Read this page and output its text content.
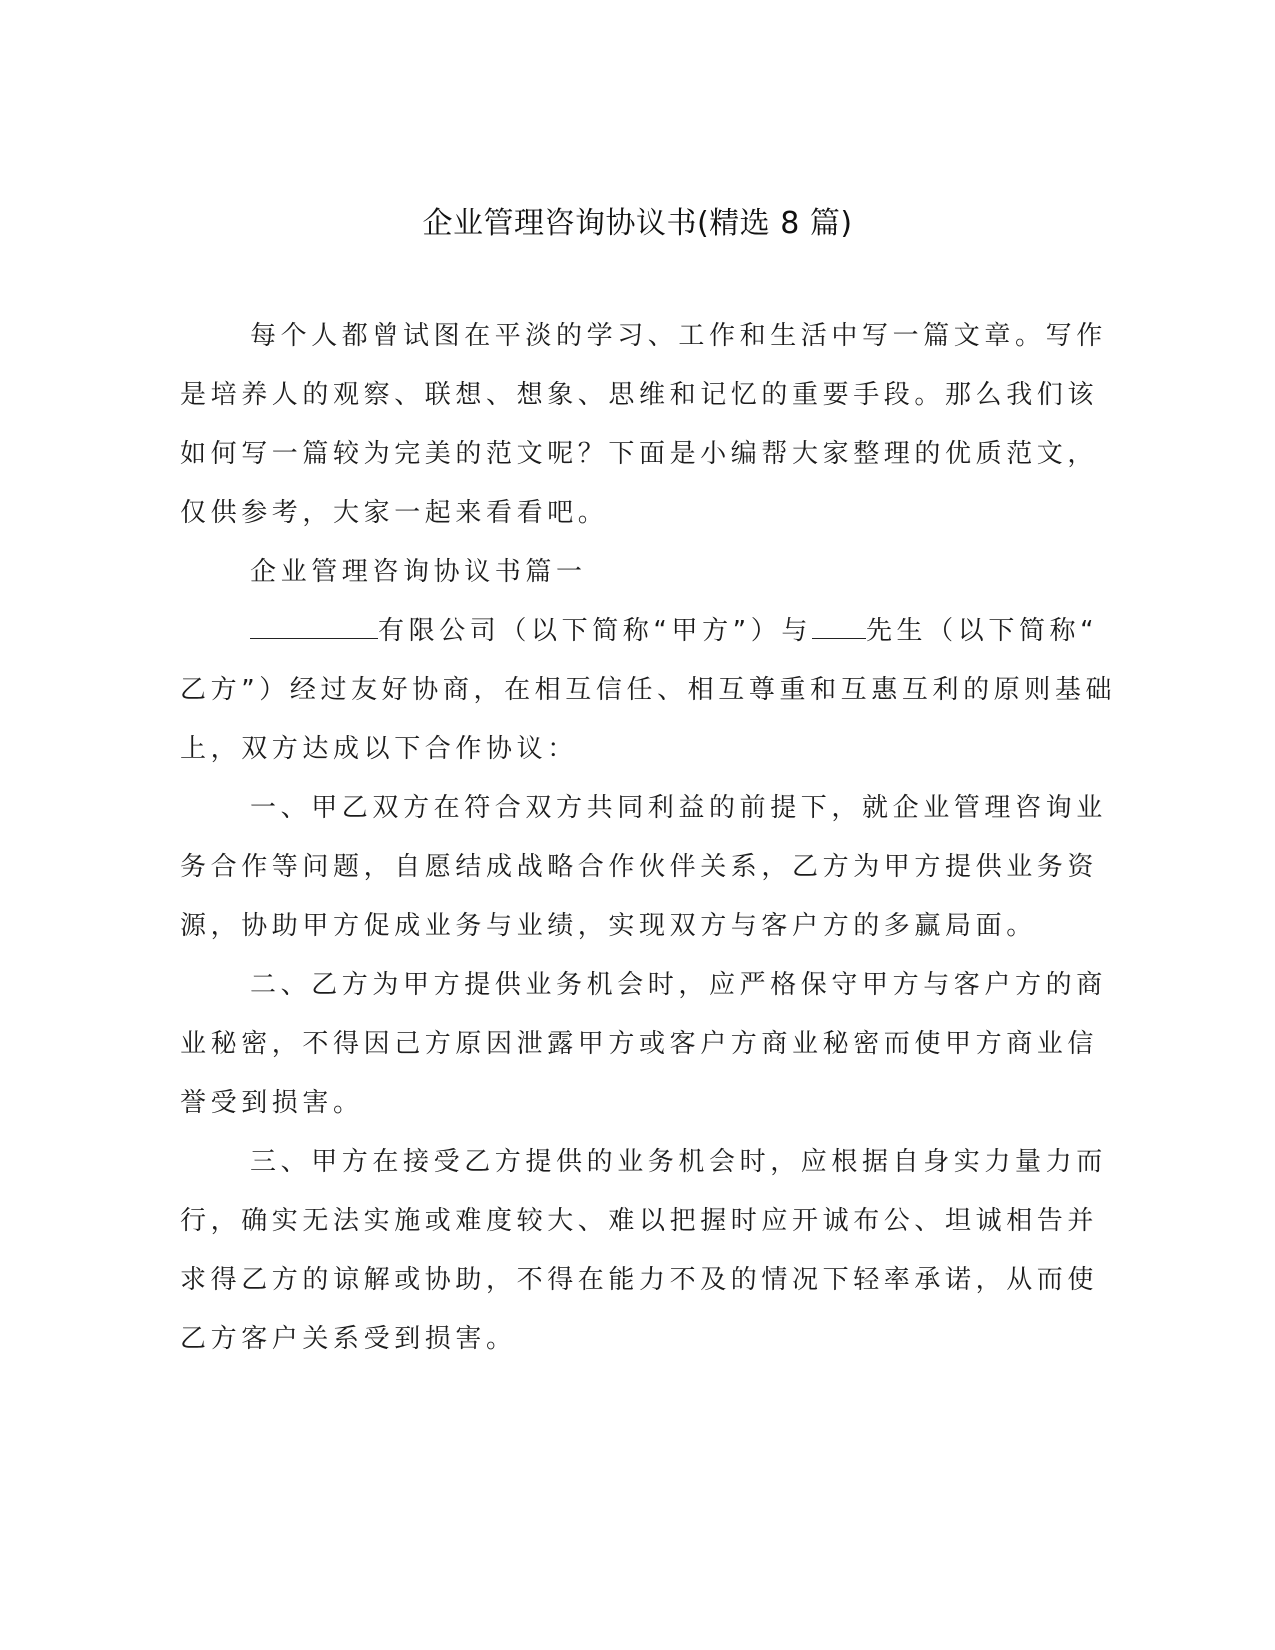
企业管理咨询协议书(精选 8 篇)
每个人都曾试图在平淡的学习、工作和生活中写一篇文章。写作
是培养人的观察、联想、想象、思维和记忆的重要手段。那么我们该
如何写一篇较为完美的范文呢？下面是小编帮大家整理的优质范文，
仅供参考，大家一起来看看吧。
企业管理咨询协议书篇一
有限公司（以下简称“甲方”）与 先生（以下简称“
乙方”）经过友好协商，在相互信任、相互尊重和互惠互利的原则基础
上，双方达成以下合作协议：
一、甲乙双方在符合双方共同利益的前提下，就企业管理咨询业
务合作等问题，自愿结成战略合作伙伴关系，乙方为甲方提供业务资
源，协助甲方促成业务与业绩，实现双方与客户方的多赢局面。
二、乙方为甲方提供业务机会时，应严格保守甲方与客户方的商
业秘密，不得因己方原因泄露甲方或客户方商业秘密而使甲方商业信
誉受到损害。
三、甲方在接受乙方提供的业务机会时，应根据自身实力量力而
行，确实无法实施或难度较大、难以把握时应开诚布公、坦诚相告并
求得乙方的谅解或协助，不得在能力不及的情况下轻率承诺，从而使
乙方客户关系受到损害。
